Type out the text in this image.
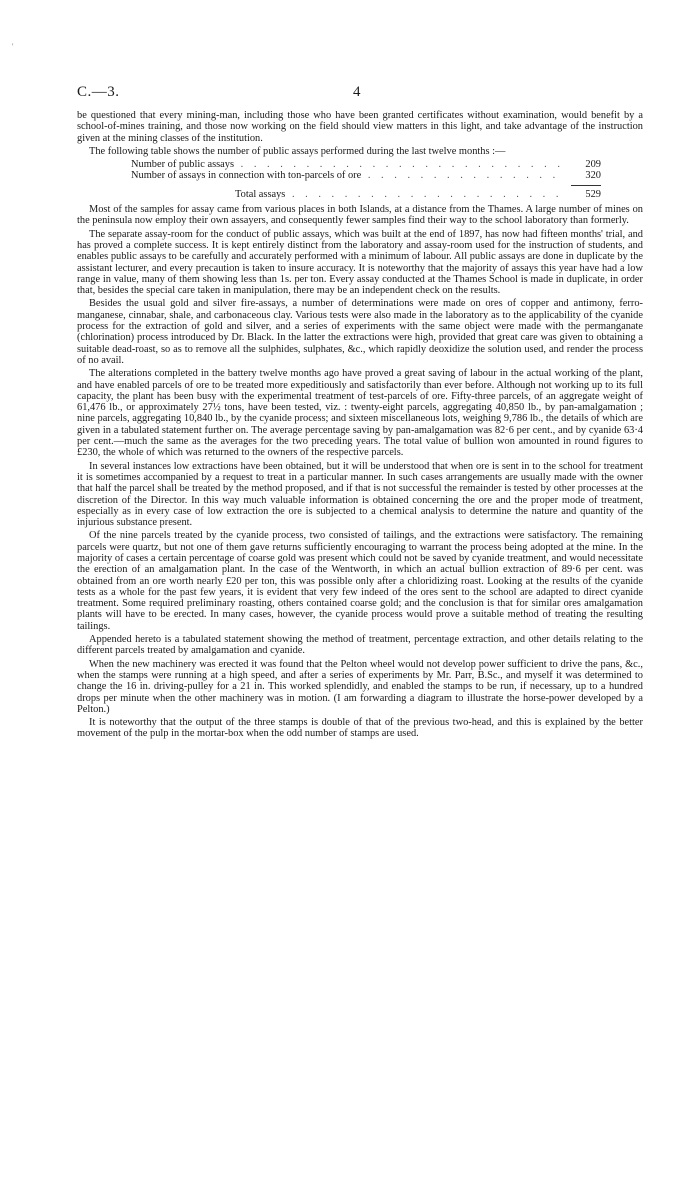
'
C.—3.	4

be questioned that every mining-man, including those who have been granted certificates without examination, would benefit by a school-of-mines training, and those now working on the field should view matters in this light, and take advantage of the instruction given at the mining classes of the institution.

The following table shows the number of public assays performed during the last twelve months :—

Number of public assays . . .	209
Number of assays in connection with ton-parcels of ore . . .	320
Total assays . . .	529

Most of the samples for assay came from various places in both Islands, at a distance from the Thames. A large number of mines on the peninsula now employ their own assayers, and consequently fewer samples find their way to the school laboratory than formerly.

The separate assay-room for the conduct of public assays, which was built at the end of 1897, has now had fifteen months' trial, and has proved a complete success. It is kept entirely distinct from the laboratory and assay-room used for the instruction of students, and enables public assays to be carefully and accurately performed with a minimum of labour. All public assays are done in duplicate by the assistant lecturer, and every precaution is taken to insure accuracy. It is noteworthy that the majority of assays this year have had a low range in value, many of them showing less than 1s. per ton. Every assay conducted at the Thames School is made in duplicate, in order that, besides the special care taken in manipulation, there may be an independent check on the results.

Besides the usual gold and silver fire-assays, a number of determinations were made on ores of copper and antimony, ferro-manganese, cinnabar, shale, and carbonaceous clay. Various tests were also made in the laboratory as to the applicability of the cyanide process for the extraction of gold and silver, and a series of experiments with the same object were made with the permanganate (chlorination) process introduced by Dr. Black. In the latter the extractions were high, provided that great care was given to obtaining a suitable dead-roast, so as to remove all the sulphides, sulphates, &c., which rapidly deoxidize the solution used, and render the process of no avail.

The alterations completed in the battery twelve months ago have proved a great saving of labour in the actual working of the plant, and have enabled parcels of ore to be treated more expeditiously and satisfactorily than ever before. Although not working up to its full capacity, the plant has been busy with the experimental treatment of test-parcels of ore. Fifty-three parcels, of an aggregate weight of 61,476 lb., or approximately 27½ tons, have been tested, viz. : twenty-eight parcels, aggregating 40,850 lb., by pan-amalgamation ; nine parcels, aggregating 10,840 lb., by the cyanide process; and sixteen miscellaneous lots, weighing 9,786 lb., the details of which are given in a tabulated statement further on. The average percentage saving by pan-amalgamation was 82·6 per cent., and by cyanide 63·4 per cent.—much the same as the averages for the two preceding years. The total value of bullion won amounted in round figures to £230, the whole of which was returned to the owners of the respective parcels.

In several instances low extractions have been obtained, but it will be understood that when ore is sent in to the school for treatment it is sometimes accompanied by a request to treat in a particular manner. In such cases arrangements are usually made with the owner that half the parcel shall be treated by the method proposed, and if that is not successful the remainder is tested by other processes at the discretion of the Director. In this way much valuable information is obtained concerning the ore and the proper mode of treatment, especially as in every case of low extraction the ore is subjected to a chemical analysis to determine the nature and quantity of the injurious substance present.

Of the nine parcels treated by the cyanide process, two consisted of tailings, and the extractions were satisfactory. The remaining parcels were quartz, but not one of them gave returns sufficiently encouraging to warrant the process being adopted at the mine. In the majority of cases a certain percentage of coarse gold was present which could not be saved by cyanide treatment, and would necessitate the erection of an amalgamation plant. In the case of the Wentworth, in which an actual bullion extraction of 89·6 per cent. was obtained from an ore worth nearly £20 per ton, this was possible only after a chloridizing roast. Looking at the results of the cyanide tests as a whole for the past few years, it is evident that very few indeed of the ores sent to the school are adapted to direct cyanide treatment. Some required preliminary roasting, others contained coarse gold; and the conclusion is that for similar ores amalgamation plants will have to be erected. In many cases, however, the cyanide process would prove a suitable method of treating the resulting tailings.

Appended hereto is a tabulated statement showing the method of treatment, percentage extraction, and other details relating to the different parcels treated by amalgamation and cyanide.

When the new machinery was erected it was found that the Pelton wheel would not develop power sufficient to drive the pans, &c., when the stamps were running at a high speed, and after a series of experiments by Mr. Parr, B.Sc., and myself it was determined to change the 16 in. driving-pulley for a 21 in. This worked splendidly, and enabled the stamps to be run, if necessary, up to a hundred drops per minute when the other machinery was in motion. (I am forwarding a diagram to illustrate the horse-power developed by a Pelton.)

It is noteworthy that the output of the three stamps is double of that of the previous two-head, and this is explained by the better movement of the pulp in the mortar-box when the odd number of stamps are used.
